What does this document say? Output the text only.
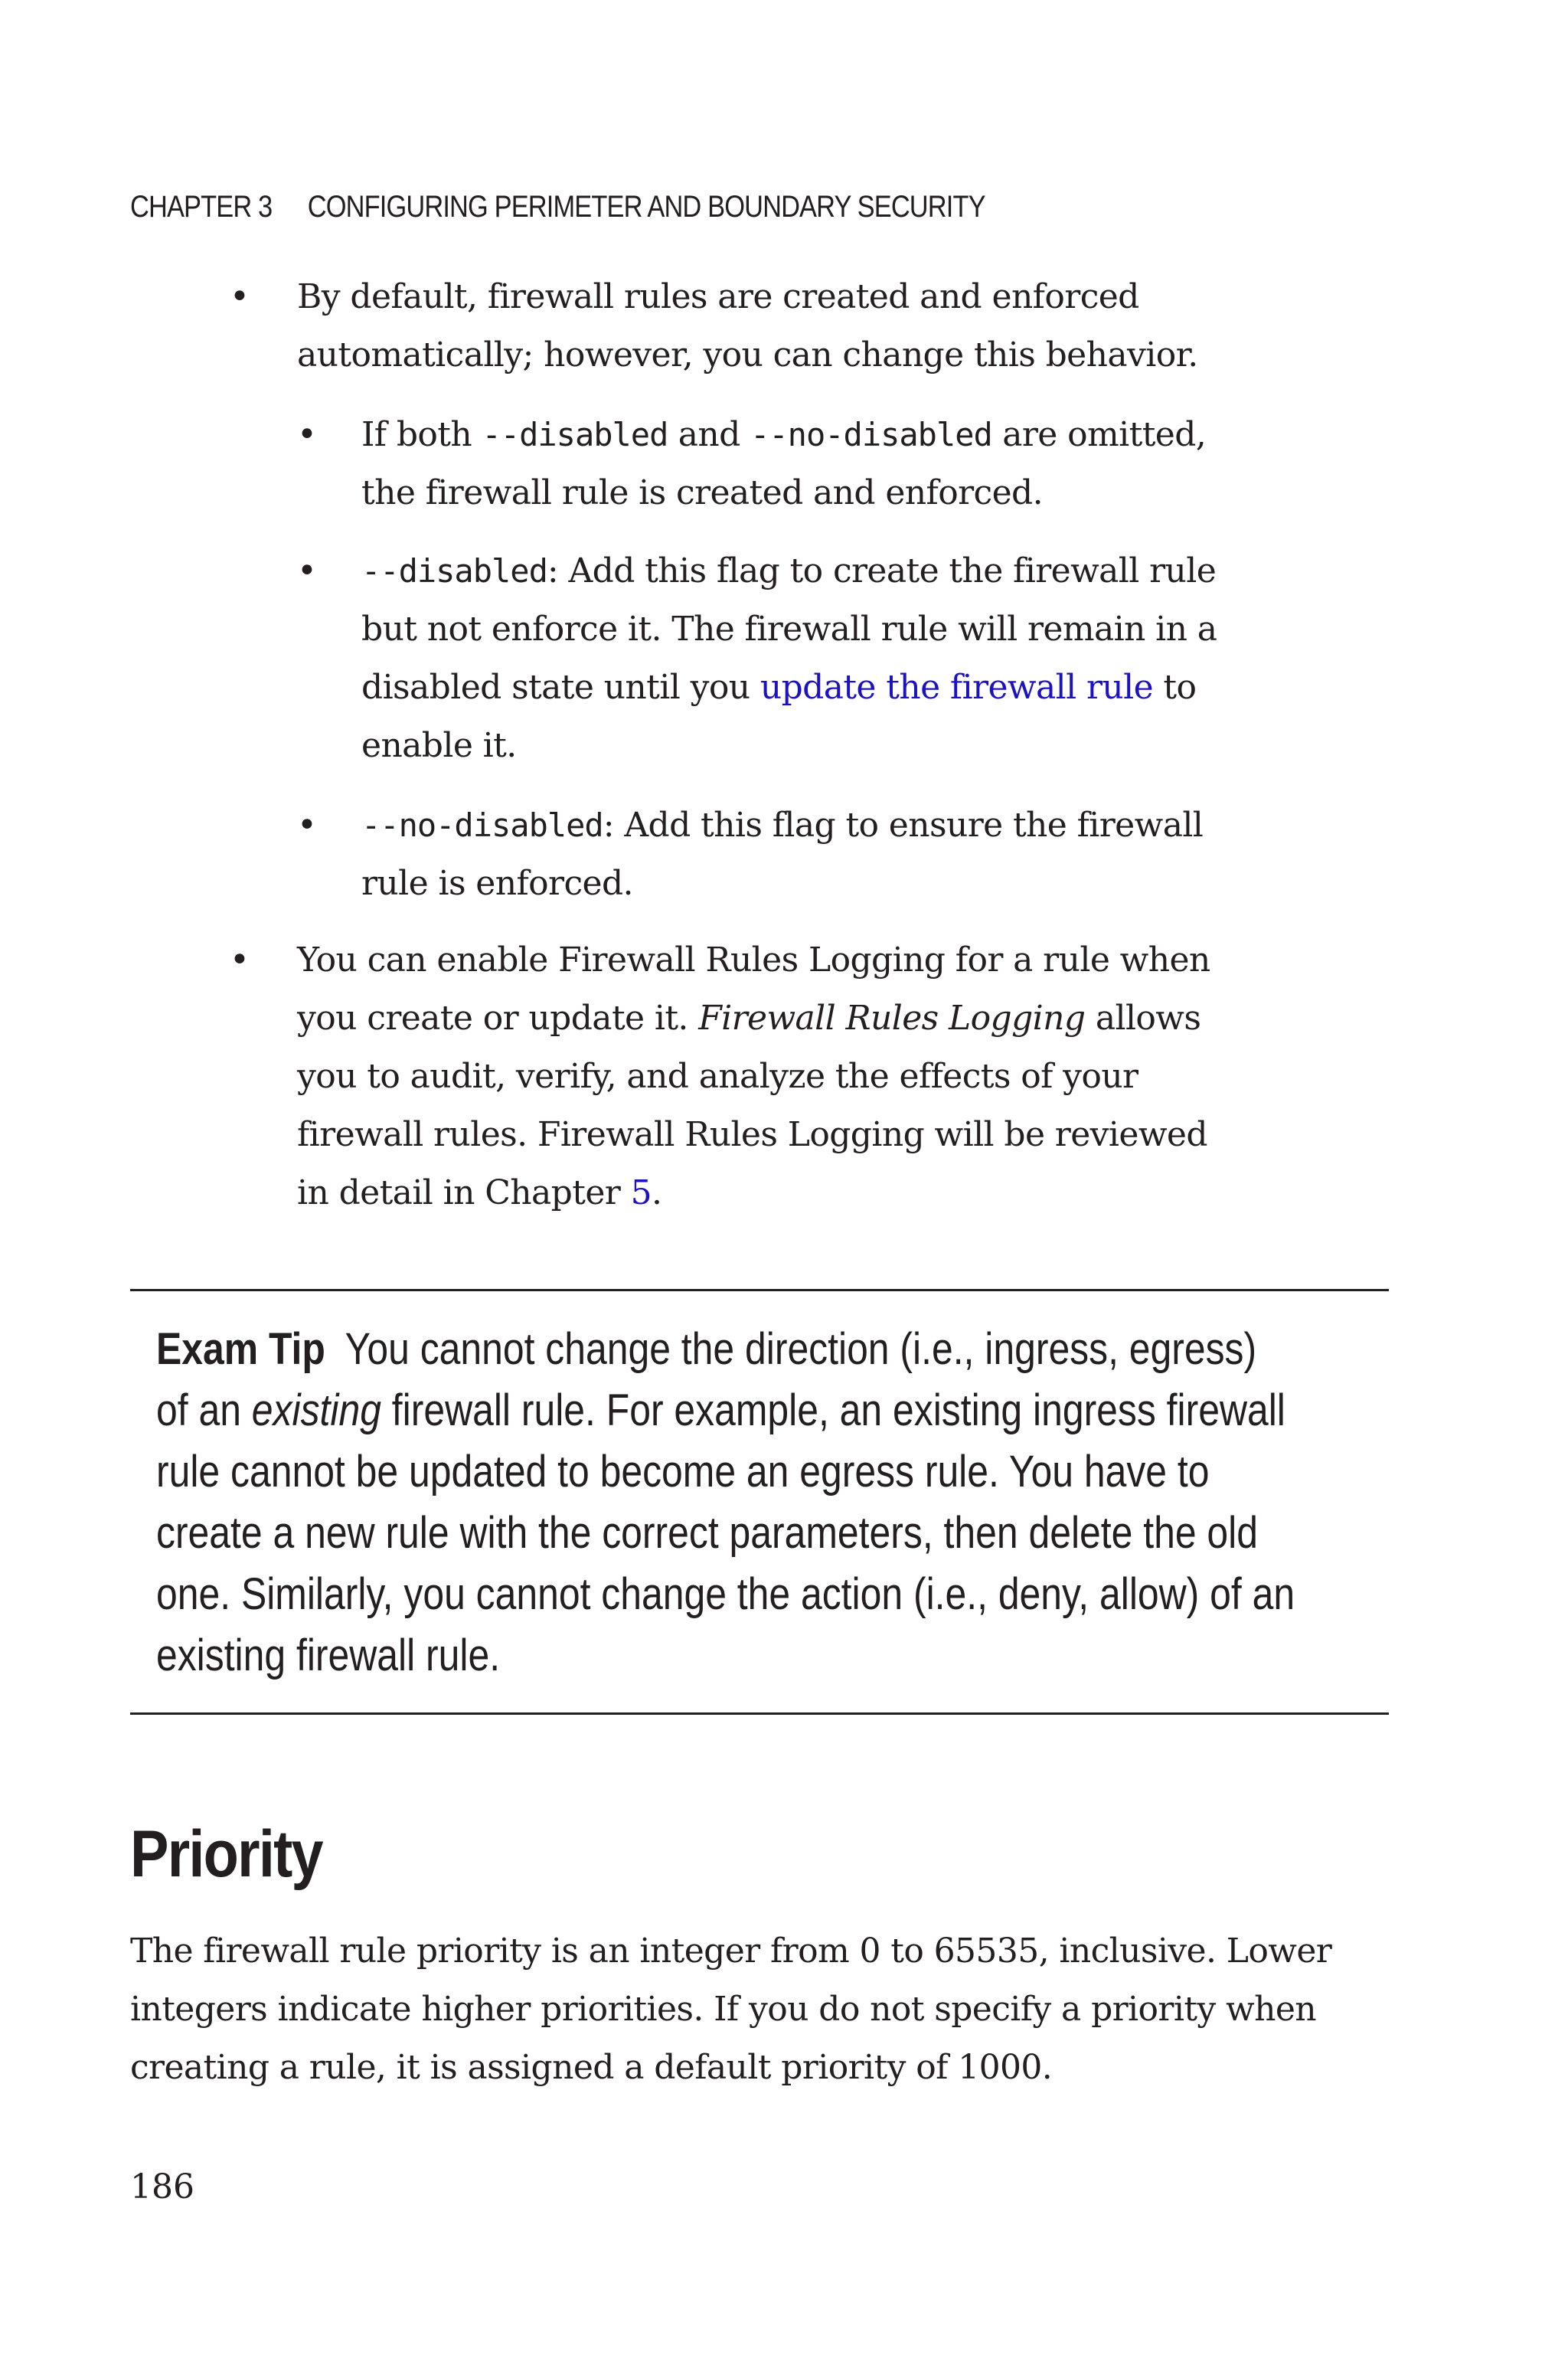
CHAPTER 3 CONFIGURING PERIMETER AND BOUNDARY SECURITY
• By default, firewall rules are created and enforced
automatically; however, you can change this behavior.
• If both --disabled and --no-disabled are omitted,
the firewall rule is created and enforced.
• --disabled: Add this flag to create the firewall rule
but not enforce it. The firewall rule will remain in a
disabled state until you update the firewall rule to
enable it.
• --no-disabled: Add this flag to ensure the firewall
rule is enforced.
• You can enable Firewall Rules Logging for a rule when
you create or update it. Firewall Rules Logging allows
you to audit, verify, and analyze the effects of your
firewall rules. Firewall Rules Logging will be reviewed
in detail in Chapter 5.
Exam Tip You cannot change the direction (i.e., ingress, egress)
of an existing firewall rule. For example, an existing ingress firewall
rule cannot be updated to become an egress rule. You have to
create a new rule with the correct parameters, then delete the old
one. Similarly, you cannot change the action (i.e., deny, allow) of an
existing firewall rule.
Priority
The firewall rule priority is an integer from 0 to 65535, inclusive. Lower
integers indicate higher priorities. If you do not specify a priority when
creating a rule, it is assigned a default priority of 1000.
186
